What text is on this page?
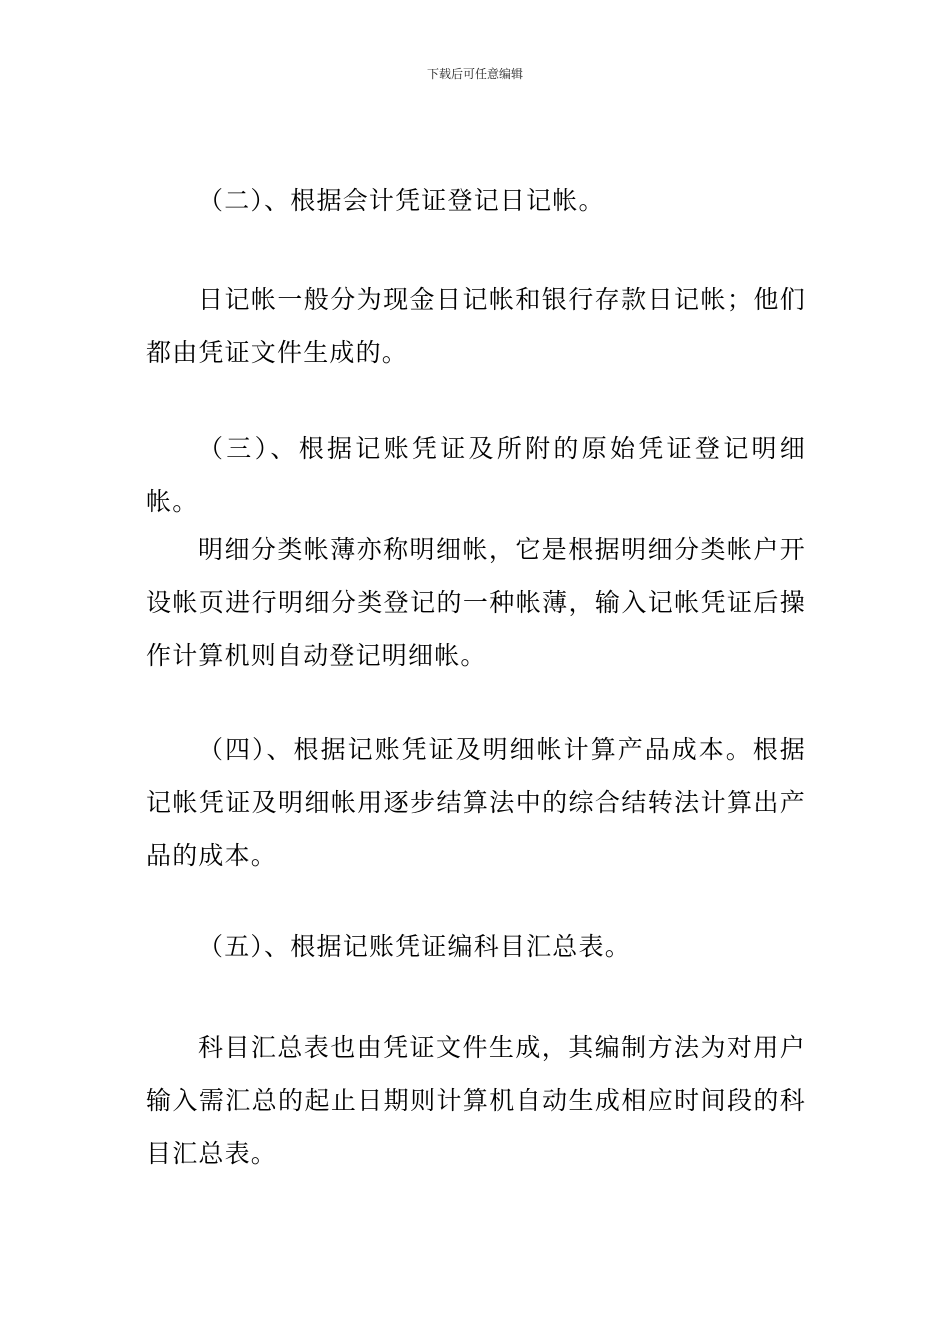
下载后可任意编辑

（二）、根据会计凭证登记日记帐。

日记帐一般分为现金日记帐和银行存款日记帐；他们都由凭证文件生成的。

（三）、根据记账凭证及所附的原始凭证登记明细帐。

明细分类帐薄亦称明细帐，它是根据明细分类帐户开设帐页进行明细分类登记的一种帐薄，输入记帐凭证后操作计算机则自动登记明细帐。

（四）、根据记账凭证及明细帐计算产品成本。根据记帐凭证及明细帐用逐步结算法中的综合结转法计算出产品的成本。

（五）、根据记账凭证编科目汇总表。

科目汇总表也由凭证文件生成，其编制方法为对用户输入需汇总的起止日期则计算机自动生成相应时间段的科目汇总表。
